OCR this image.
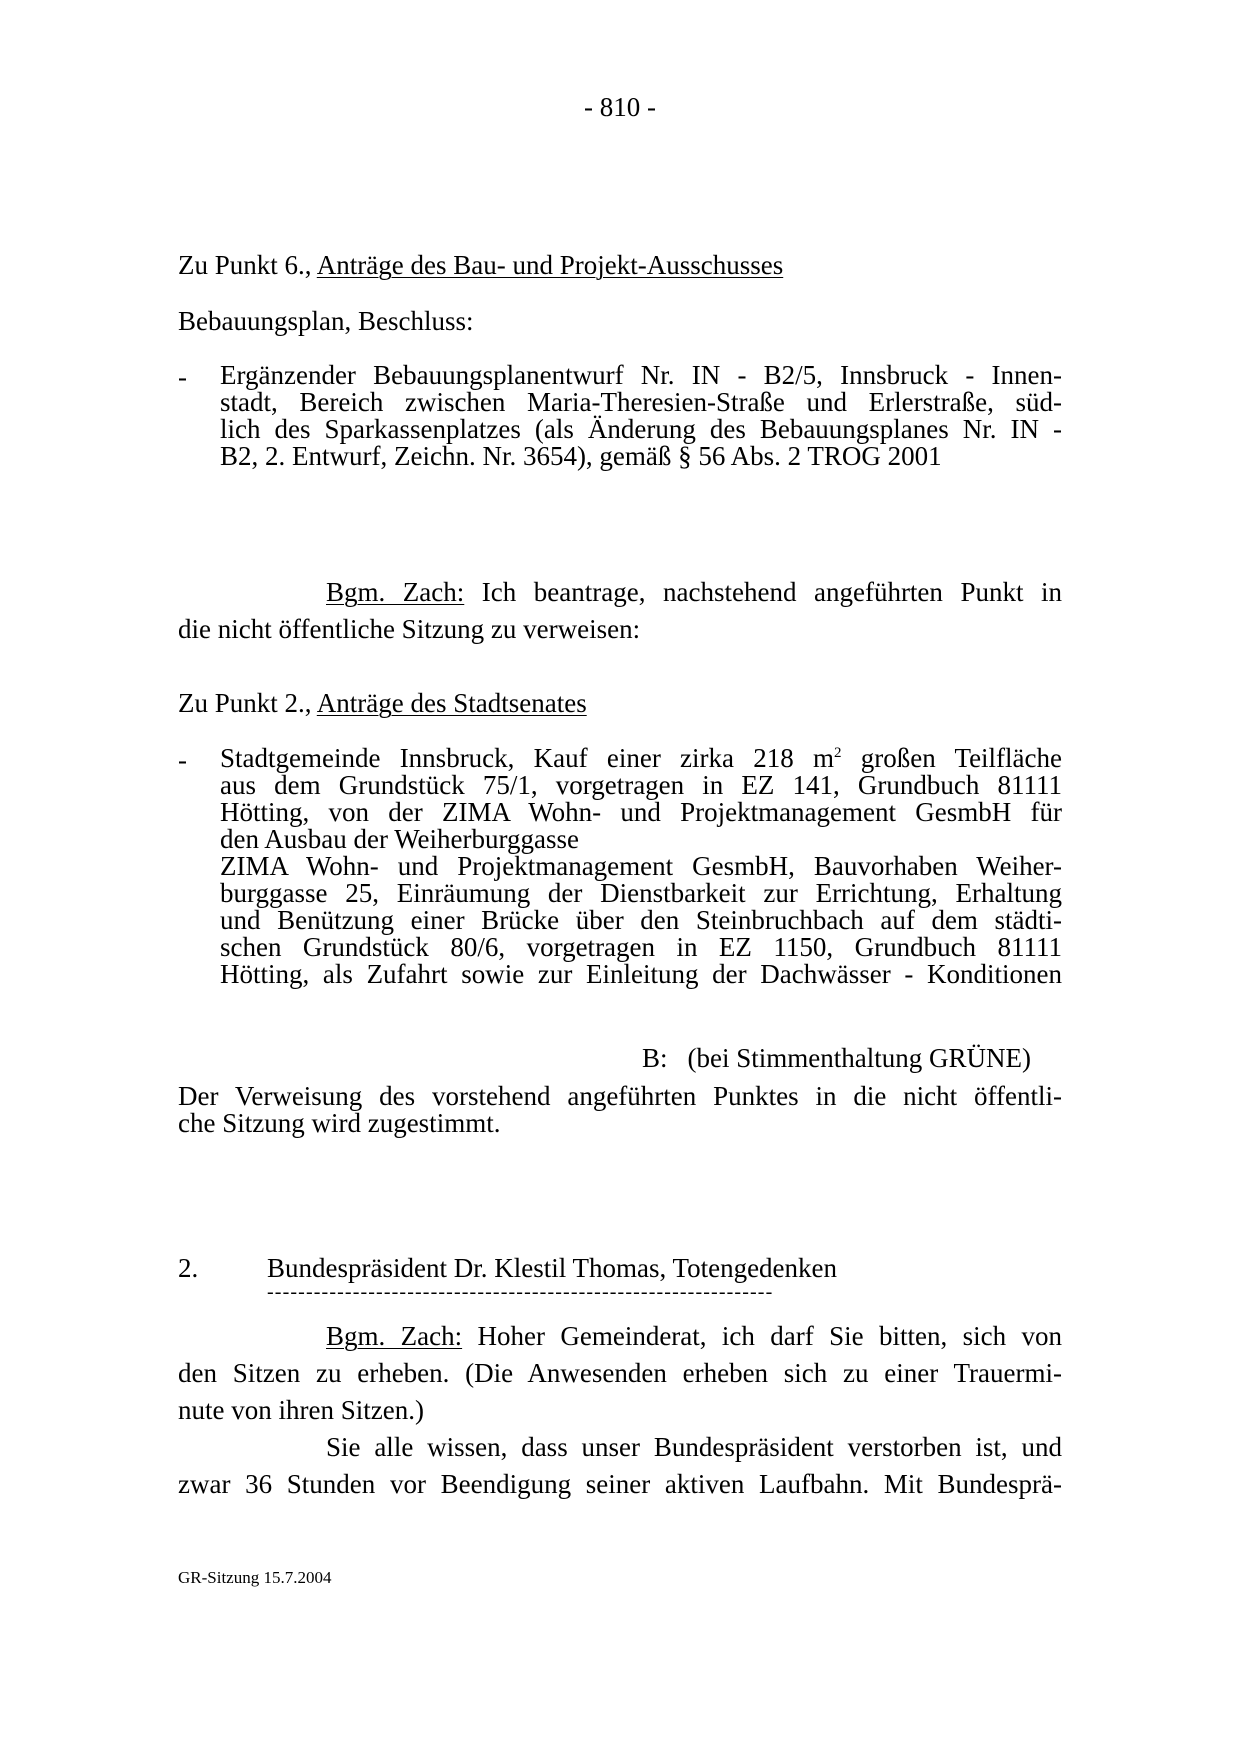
- 810 -
Zu Punkt 6., Anträge des Bau- und Projekt-Ausschusses
Bebauungsplan, Beschluss:
- Ergänzender Bebauungsplanentwurf Nr. IN - B2/5, Innsbruck - Innen-
stadt, Bereich zwischen Maria-Theresien-Straße und Erlerstraße, süd-
lich des Sparkassenplatzes (als Änderung des Bebauungsplanes Nr. IN -
B2, 2. Entwurf, Zeichn. Nr. 3654), gemäß § 56 Abs. 2 TROG 2001
Bgm. Zach: Ich beantrage, nachstehend angeführten Punkt in
die nicht öffentliche Sitzung zu verweisen:
Zu Punkt 2., Anträge des Stadtsenates
- Stadtgemeinde Innsbruck, Kauf einer zirka 218 $m^2$ großen Teilfläche
aus dem Grundstück 75/1, vorgetragen in EZ 141, Grundbuch 81111
Hötting, von der ZIMA Wohn- und Projektmanagement GesmbH für
den Ausbau der Weiherburggasse
ZIMA Wohn- und Projektmanagement GesmbH, Bauvorhaben Weiher-
burggasse 25, Einräumung der Dienstbarkeit zur Errichtung, Erhaltung
und Benützung einer Brücke über den Steinbruchbach auf dem städti-
schen Grundstück 80/6, vorgetragen in EZ 1150, Grundbuch 81111
Hötting, als Zufahrt sowie zur Einleitung der Dachwässer - Konditionen
B: (bei Stimmenthaltung GRÜNE)
Der Verweisung des vorstehend angeführten Punktes in die nicht öffentli-
che Sitzung wird zugestimmt.
2.	Bundespräsident Dr. Klestil Thomas, Totengedenken
-----------------------------------------------------------------
Bgm. Zach: Hoher Gemeinderat, ich darf Sie bitten, sich von
den Sitzen zu erheben. (Die Anwesenden erheben sich zu einer Trauermi-
nute von ihren Sitzen.)
Sie alle wissen, dass unser Bundespräsident verstorben ist, und
zwar 36 Stunden vor Beendigung seiner aktiven Laufbahn. Mit Bundesprä-
GR-Sitzung 15.7.2004
